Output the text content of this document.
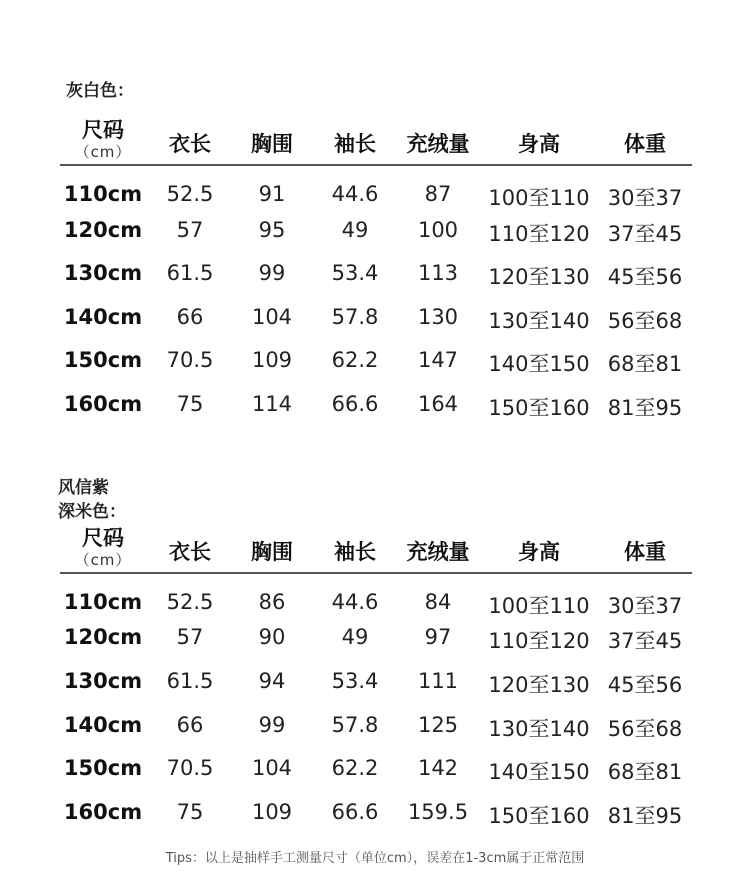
灰白色：
尺码
（cm）	衣长	胸围	袖长	充绒量	身高	体重
110cm	52.5	91	44.6	87	100至110 30至37
120cm	57	95	49	100	110至120 37至45
130cm	61.5	99	53.4	113	120至130 45至56
140cm	66	104	57.8	130	130至140 56至68
150cm	70.5	109	62.2	147	140至150 68至81
160cm	75	114	66.6	164	150至160 81至95
风信紫
深米色：
尺码
（cm）	衣长	胸围	袖长	充绒量	身高	体重
110cm	52.5	86	44.6	84	100至110 30至37
120cm	57	90	49	97	110至120 37至45
130cm	61.5	94	53.4	111	120至130 45至56
140cm	66	99	57.8	125	130至140 56至68
150cm	70.5	104	62.2	142	140至150 68至81
160cm	75	109	66.6	159.5 150至160 81至95
Tips：以上是抽样手工测量尺寸（单位cm），误差在1-3cm属于正常范围
